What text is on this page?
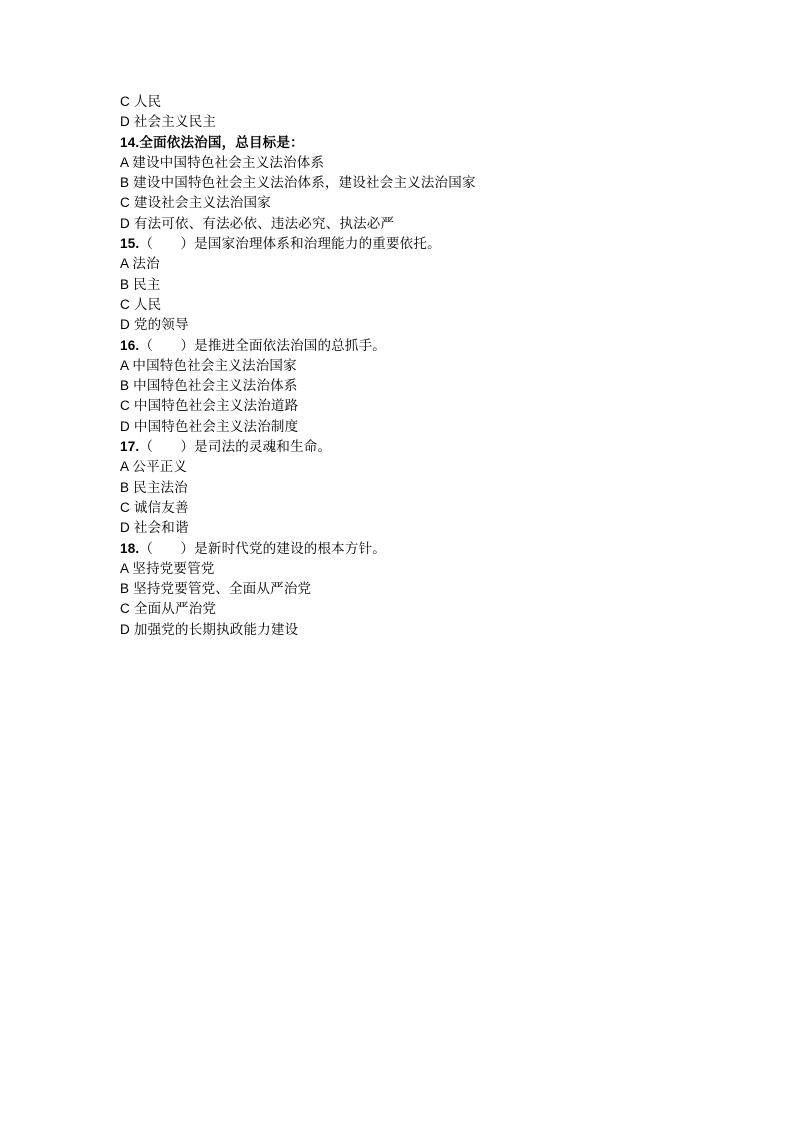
C 人民
D 社会主义民主
14.全面依法治国，总目标是：
A 建设中国特色社会主义法治体系
B 建设中国特色社会主义法治体系，建设社会主义法治国家
C 建设社会主义法治国家
D 有法可依、有法必依、违法必究、执法必严
15.（　　）是国家治理体系和治理能力的重要依托。
A 法治
B 民主
C 人民
D 党的领导
16.（　　）是推进全面依法治国的总抓手。
A 中国特色社会主义法治国家
B 中国特色社会主义法治体系
C 中国特色社会主义法治道路
D 中国特色社会主义法治制度
17.（　　）是司法的灵魂和生命。
A 公平正义
B 民主法治
C 诚信友善
D 社会和谐
18.（　　）是新时代党的建设的根本方针。
A 坚持党要管党
B 坚持党要管党、全面从严治党
C 全面从严治党
D 加强党的长期执政能力建设
